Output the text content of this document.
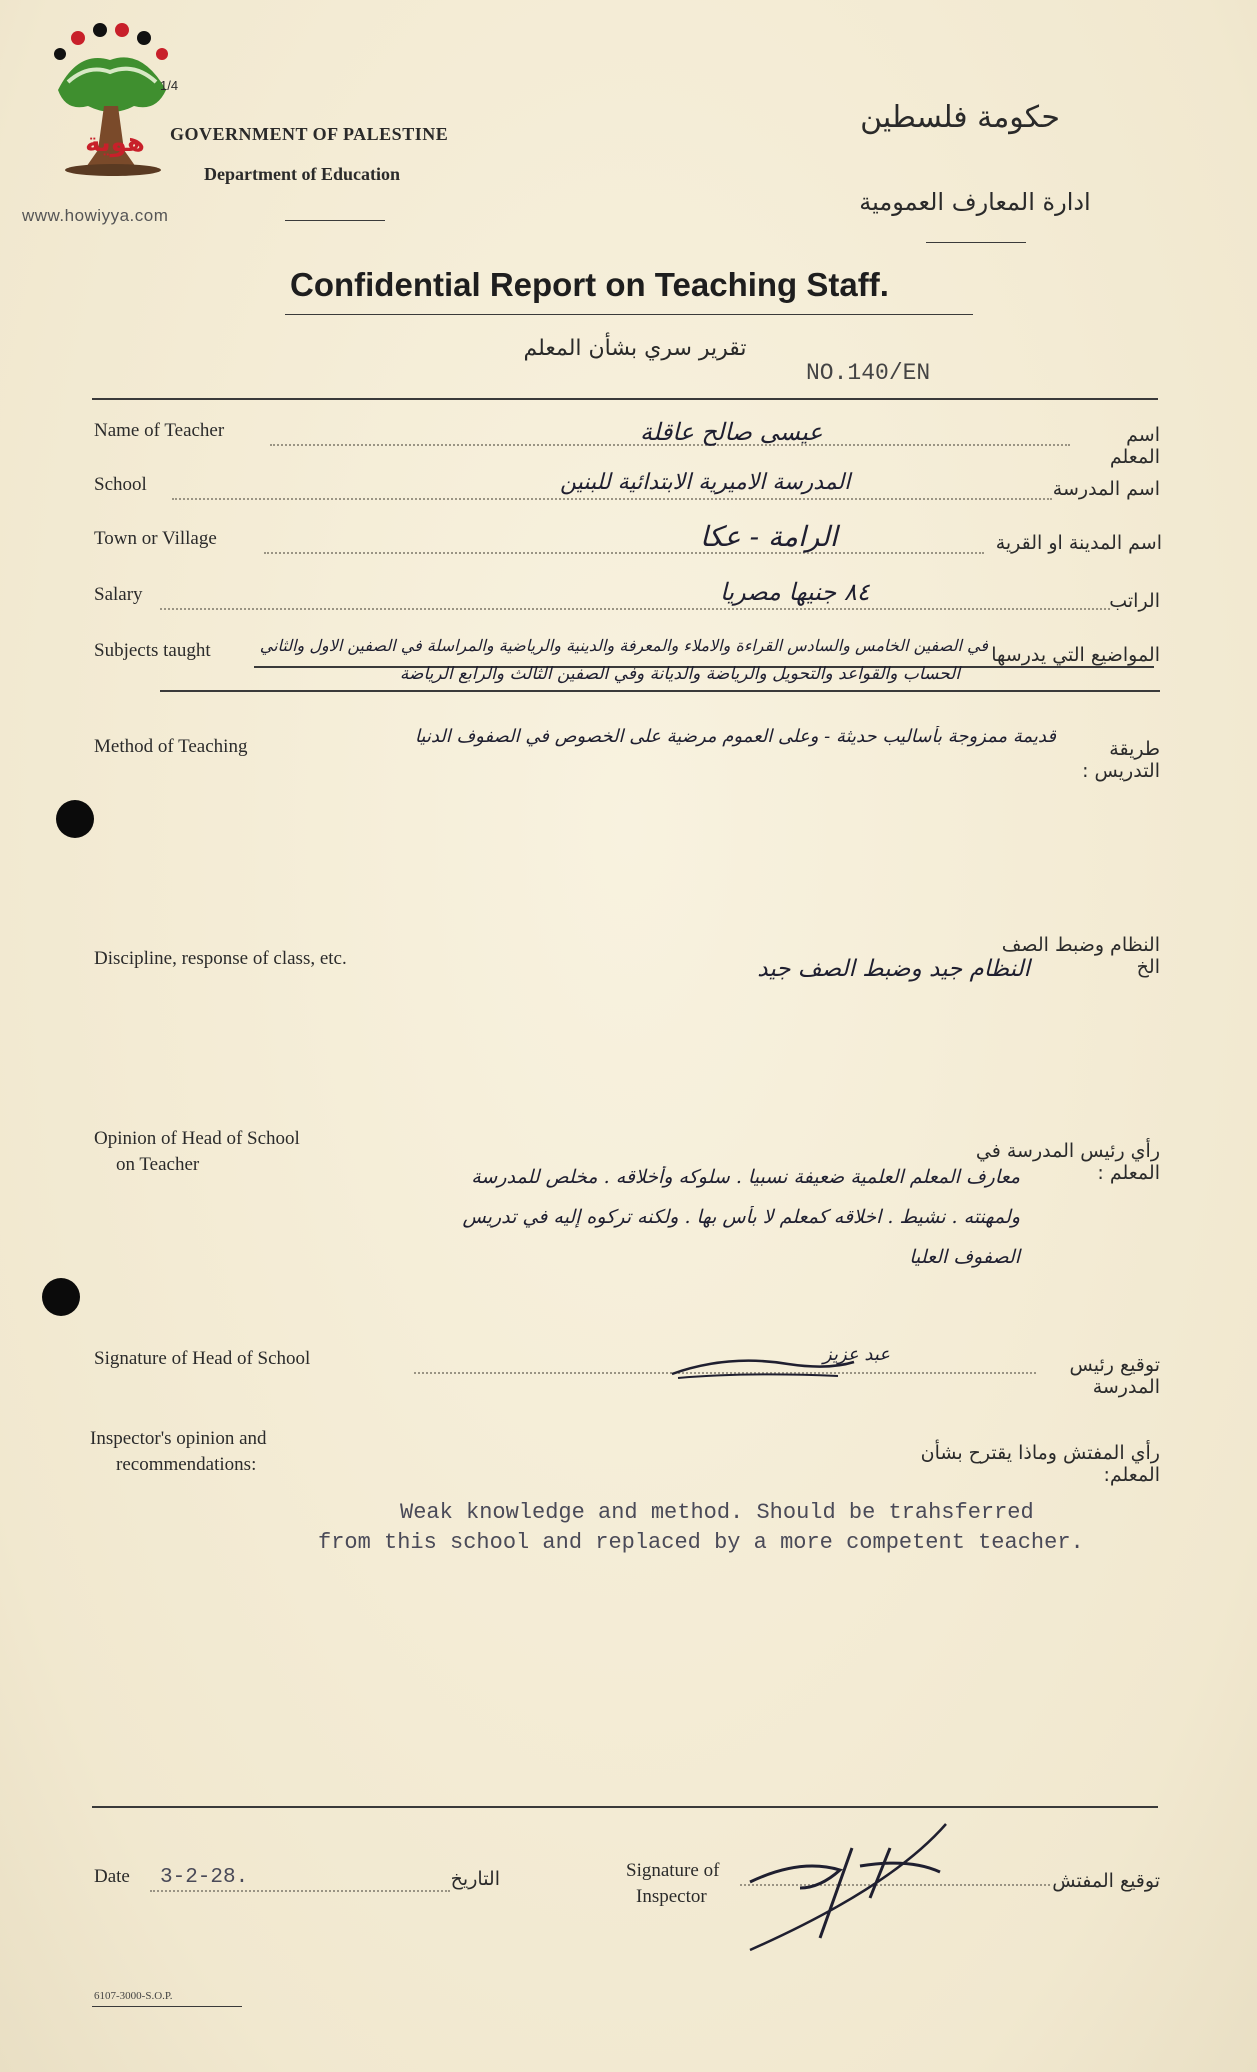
هوية
1/4
www.howiyya.com
GOVERNMENT OF PALESTINE
Department of Education
حكومة فلسطين
ادارة المعارف العمومية
Confidential Report on Teaching Staff.
تقرير سري بشأن المعلم
NO.140/EN
Name of Teacher	عيسى صالح عاقلة	اسم المعلم
School	المدرسة الاميرية الابتدائية للبنين	اسم المدرسة
Town or Village	الرامة - عكا	اسم المدينة او القرية
Salary	٨٤ جنيها مصريا	الراتب
Subjects taught	المواضيع التي يدرسها
في الصفين الخامس والسادس القراءة والاملاء والمعرفة والدينية والرياضية والمراسلة في الصفين الاول والثاني
الحساب والقواعد والتحويل والرياضة والديانة وفي الصفين الثالث والرابع الرياضة
Method of Teaching	طريقة التدريس :
قديمة ممزوجة بأساليب حديثة - وعلى العموم مرضية على الخصوص في الصفوف الدنيا
Discipline, response of class, etc.
النظام وضبط الصف الخ
النظام جيد وضبط الصف جيد
Opinion of Head of School
on Teacher
رأي رئيس المدرسة في المعلم :
معارف المعلم العلمية ضعيفة نسبيا . سلوكه وأخلاقه . مخلص للمدرسة
ولمهنته . نشيط . اخلاقه كمعلم لا بأس بها . ولكنه تركوه إليه في تدريس
الصفوف العليا
Signature of Head of School	عبد عزيز	توقيع رئيس المدرسة
Inspector's opinion and
recommendations:
رأي المفتش وماذا يقترح بشأن المعلم:
Weak knowledge and method. Should be trahsferred
from this school and replaced by a more competent teacher.
Date 3-2-28.	التاريخ	Signature of
Inspector
توقيع المفتش
6107-3000-S.O.P.
